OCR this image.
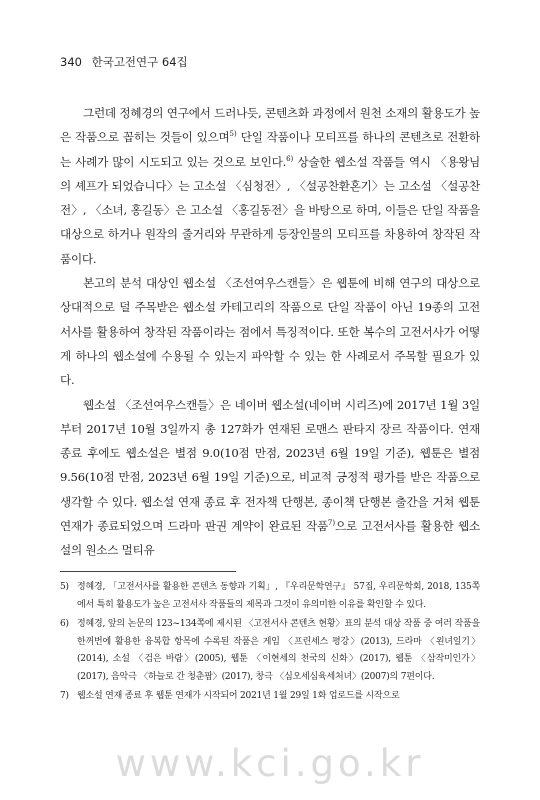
340 한국고전연구 64집

그런데 정혜경의 연구에서 드러나듯, 콘텐츠화 과정에서 원천 소재의 활용도가 높은 작품으로 꼽히는 것들이 있으며$^{5)}$ 단일 작품이나 모티프를 하나의 콘텐츠로 전환하는 사례가 많이 시도되고 있는 것으로 보인다.$^{6)}$ 상술한 웹소설 작품들 역시 〈용왕님의 셰프가 되었습니다〉는 고소설 〈심청전〉, 〈설공찬환혼기〉는 고소설 〈설공찬전〉, 〈소녀, 홍길동〉은 고소설 〈홍길동전〉을 바탕으로 하며, 이들은 단일 작품을 대상으로 하거나 원작의 줄거리와 무관하게 등장인물의 모티프를 차용하여 창작된 작품이다.

본고의 분석 대상인 웹소설 〈조선여우스캔들〉은 웹툰에 비해 연구의 대상으로 상대적으로 덜 주목받은 웹소설 카테고리의 작품으로 단일 작품이 아닌 19종의 고전서사를 활용하여 창작된 작품이라는 점에서 특징적이다. 또한 복수의 고전서사가 어떻게 하나의 웹소설에 수용될 수 있는지 파악할 수 있는 한 사례로서 주목할 필요가 있다.

웹소설 〈조선여우스캔들〉은 네이버 웹소설(네이버 시리즈)에 2017년 1월 3일부터 2017년 10월 3일까지 총 127화가 연재된 로맨스 판타지 장르 작품이다. 연재 종료 후에도 웹소설은 별점 9.0(10점 만점, 2023년 6월 19일 기준), 웹툰은 별점 9.56(10점 만점, 2023년 6월 19일 기준)으로, 비교적 긍정적 평가를 받은 작품으로 생각할 수 있다. 웹소설 연재 종료 후 전자책 단행본, 종이책 단행본 출간을 거쳐 웹툰 연재가 종료되었으며 드라마 판권 계약이 완료된 작품$^{7)}$으로 고전서사를 활용한 웹소설의 원소스 멀티유

5) 정혜경, 「고전서사를 활용한 콘텐츠 동향과 기획」, 『우리문학연구』 57집, 우리문학회, 2018, 135쪽에서 특히 활용도가 높은 고전서사 작품들의 제목과 그것이 유의미한 이유를 확인할 수 있다.
6) 정혜경, 앞의 논문의 123~134쪽에 제시된 〈고전서사 콘텐츠 현황〉표의 분석 대상 작품 중 여러 작품을 한꺼번에 활용한 융복합 항목에 수록된 작품은 게임 〈프린세스 평강〉(2013), 드라마 〈왼녀일기〉(2014), 소설 〈검은 바람〉(2005), 웹툰 〈이현세의 천국의 신화〉(2017), 웹툰 〈삼작미인가〉(2017), 음악극 〈하늘로 간 청춘팝〉(2017), 창극 〈심오세심육세처녀〉(2007)의 7편이다.
7) 웹소설 연재 종료 후 웹툰 연재가 시작되어 2021년 1월 29일 1화 업로드를 시작으로
www.kci.go.kr
